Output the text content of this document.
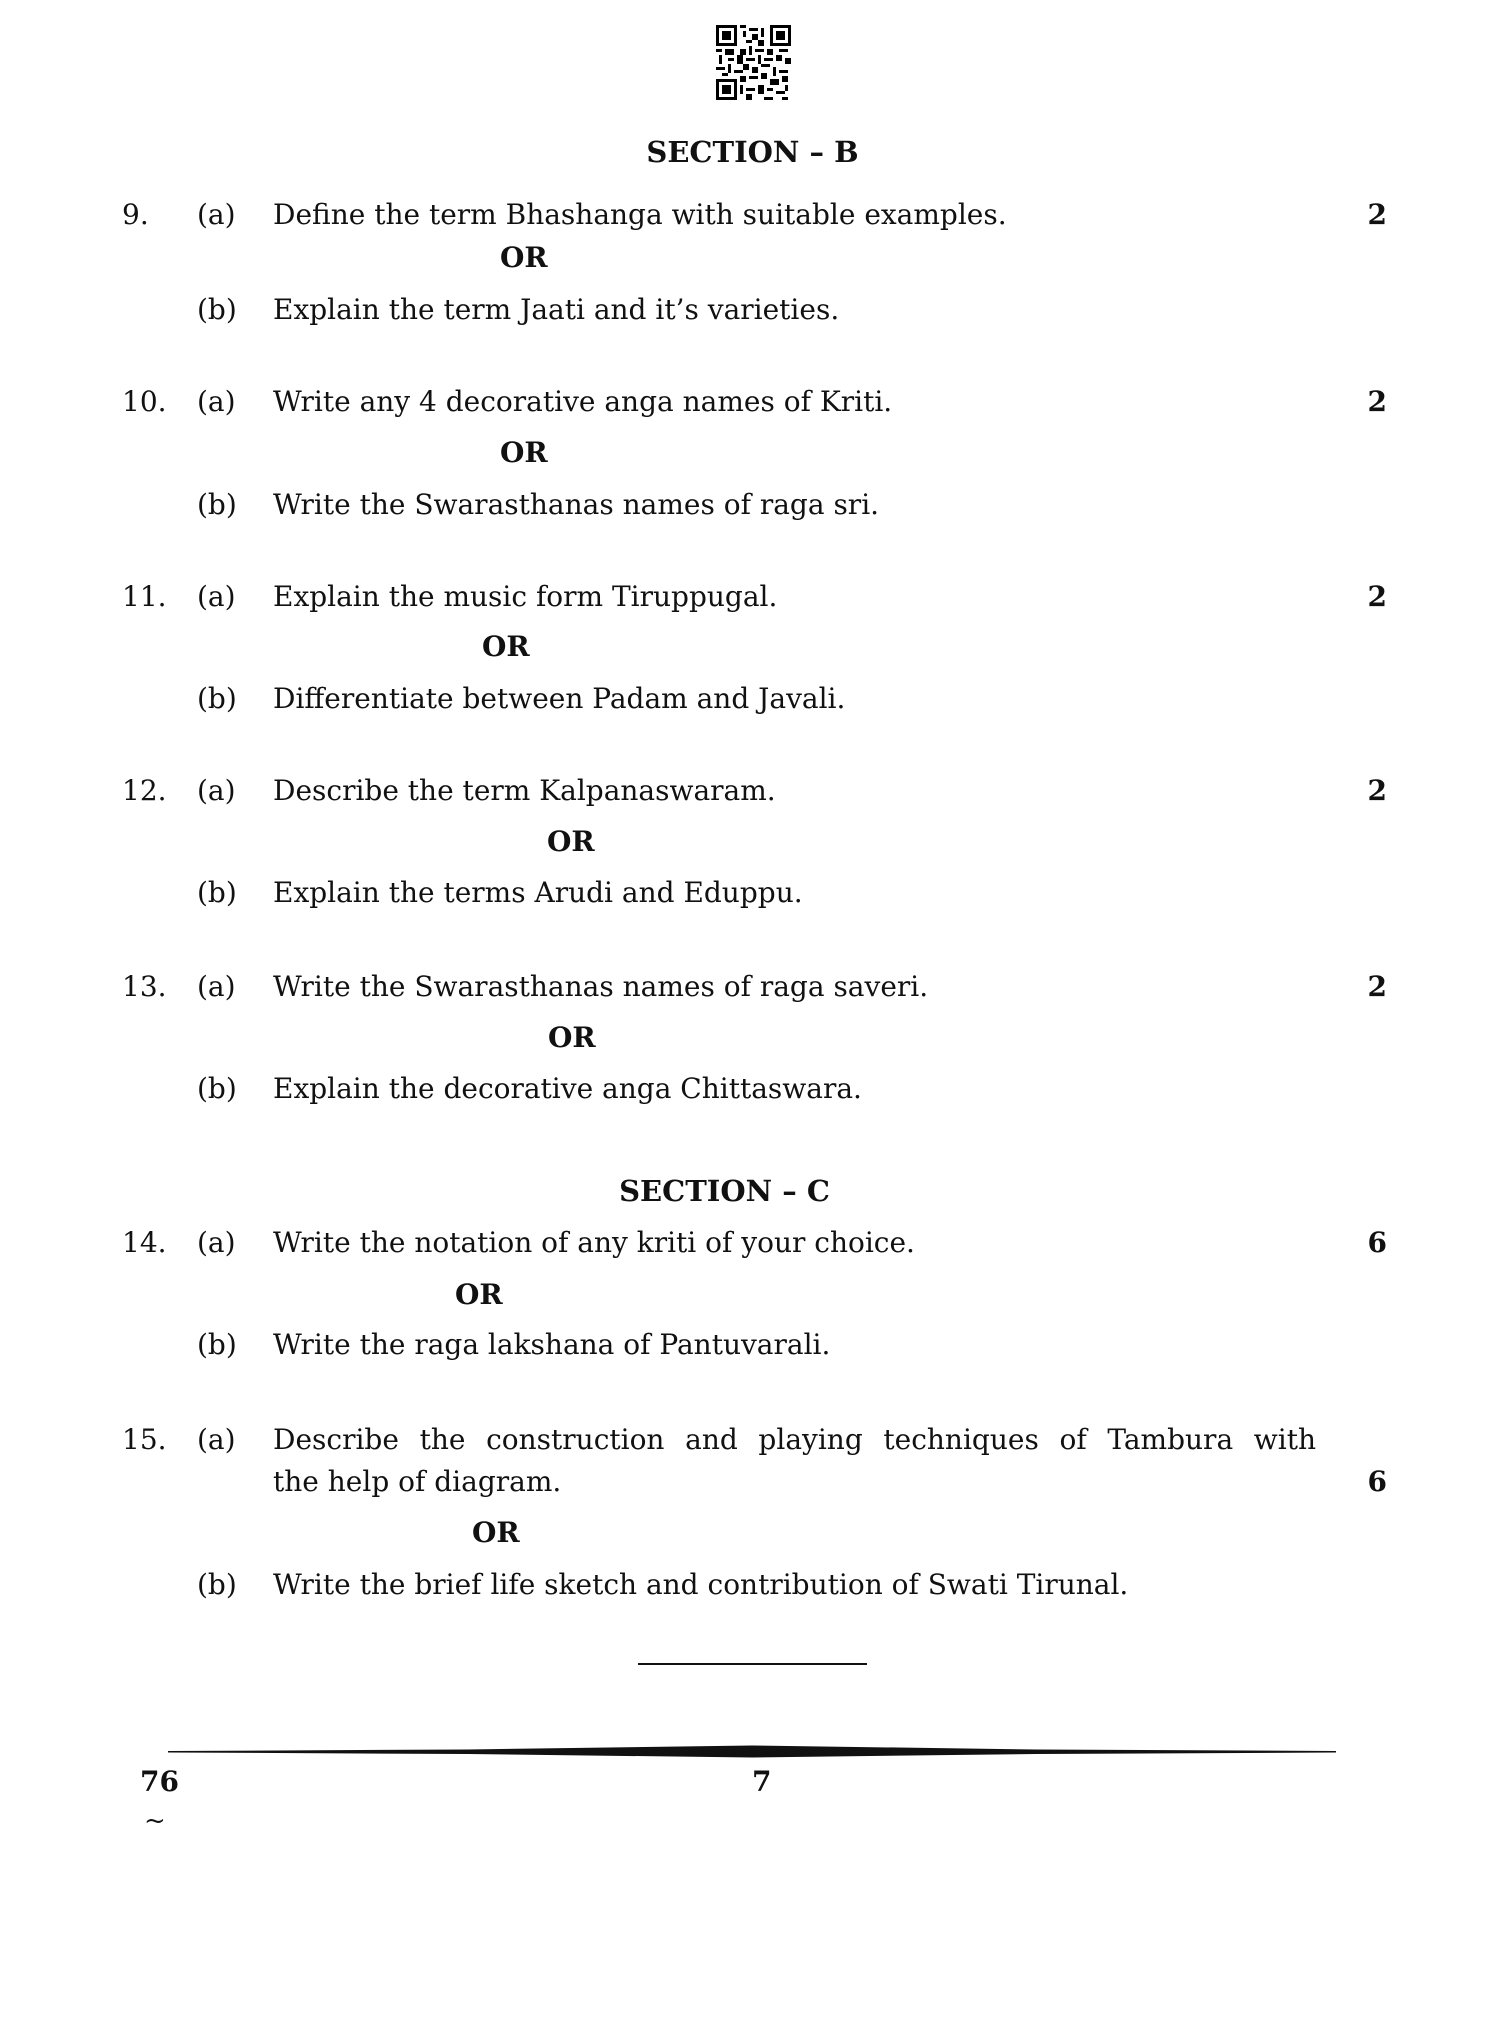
SECTION – B
9. (a) Define the term Bhashanga with suitable examples.	2
OR
(b) Explain the term Jaati and it’s varieties.
10. (a) Write any 4 decorative anga names of Kriti.	2
OR
(b) Write the Swarasthanas names of raga sri.
11. (a) Explain the music form Tiruppugal.	2
OR
(b) Differentiate between Padam and Javali.
12. (a) Describe the term Kalpanaswaram.	2
OR
(b) Explain the terms Arudi and Eduppu.
13. (a) Write the Swarasthanas names of raga saveri.	2
OR
(b) Explain the decorative anga Chittaswara.
SECTION – C
14. (a) Write the notation of any kriti of your choice.	6
OR
(b) Write the raga lakshana of Pantuvarali.
15. (a) Describe the construction and playing techniques of Tambura with
the help of diagram.	6
OR
(b) Write the brief life sketch and contribution of Swati Tirunal.
76	7
~
